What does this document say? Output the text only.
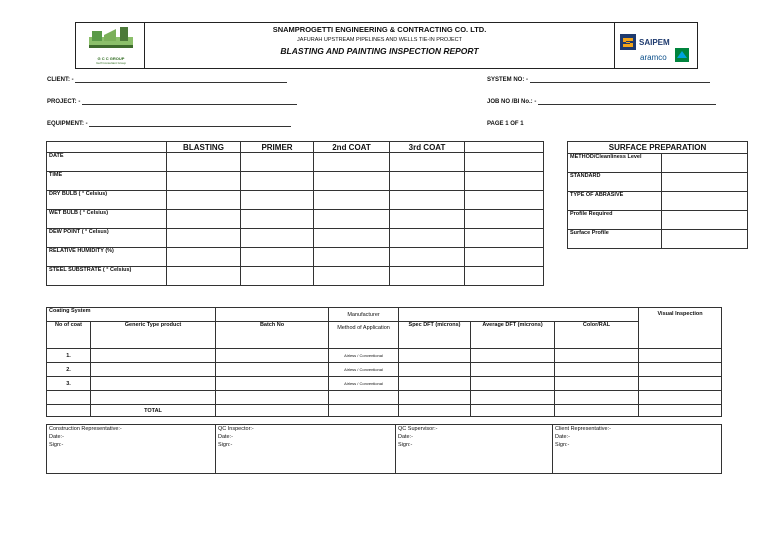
G C C GROUP
Gulf Consultant Group
SNAMPROGETTI ENGINEERING & CONTRACTING CO. LTD.
JAFURAH UPSTREAM PIPELINES AND WELLS TIE-IN PROJECT
BLASTING AND PAINTING INSPECTION REPORT
SAIPEM
aramco
CLIENT: -
PROJECT: -
EQUIPMENT: -
SYSTEM NO: -
JOB NO /BI No.: -
PAGE 1 OF 1
	BLASTING	PRIMER	2nd COAT	3rd COAT	
DATE					
TIME					
DRY BULB ( ° Celsius)					
WET BULB ( ° Celsius)					
DEW POINT ( ° Celsus)					
RELATIVE HUMIDITY (%)					
STEEL SUBSTRATE ( ° Celsius)					
SURFACE PREPARATION	
METHOD/Cleanliness Level	
STANDARD	
TYPE OF ABRASIVE	
Profile Required	
Surface Profile	
Coating System			Manufacturer				Visual Inspection
No of coat	Generic Type product	Batch No	Method of Application	Spec DFT (microns)	Average DFT (microns)	Color/RAL	
1.			Airless / Conventional				
2.			Airless / Conventional				
3.			Airless / Conventional				

	TOTAL						
Construction Representative:-
Date:-
Sign:-

QC Inspector:-
Date:-
Sign:-

QC Supervisor:-
Date:-
Sign:-

Client Representative:-
Date:-
Sign:-
